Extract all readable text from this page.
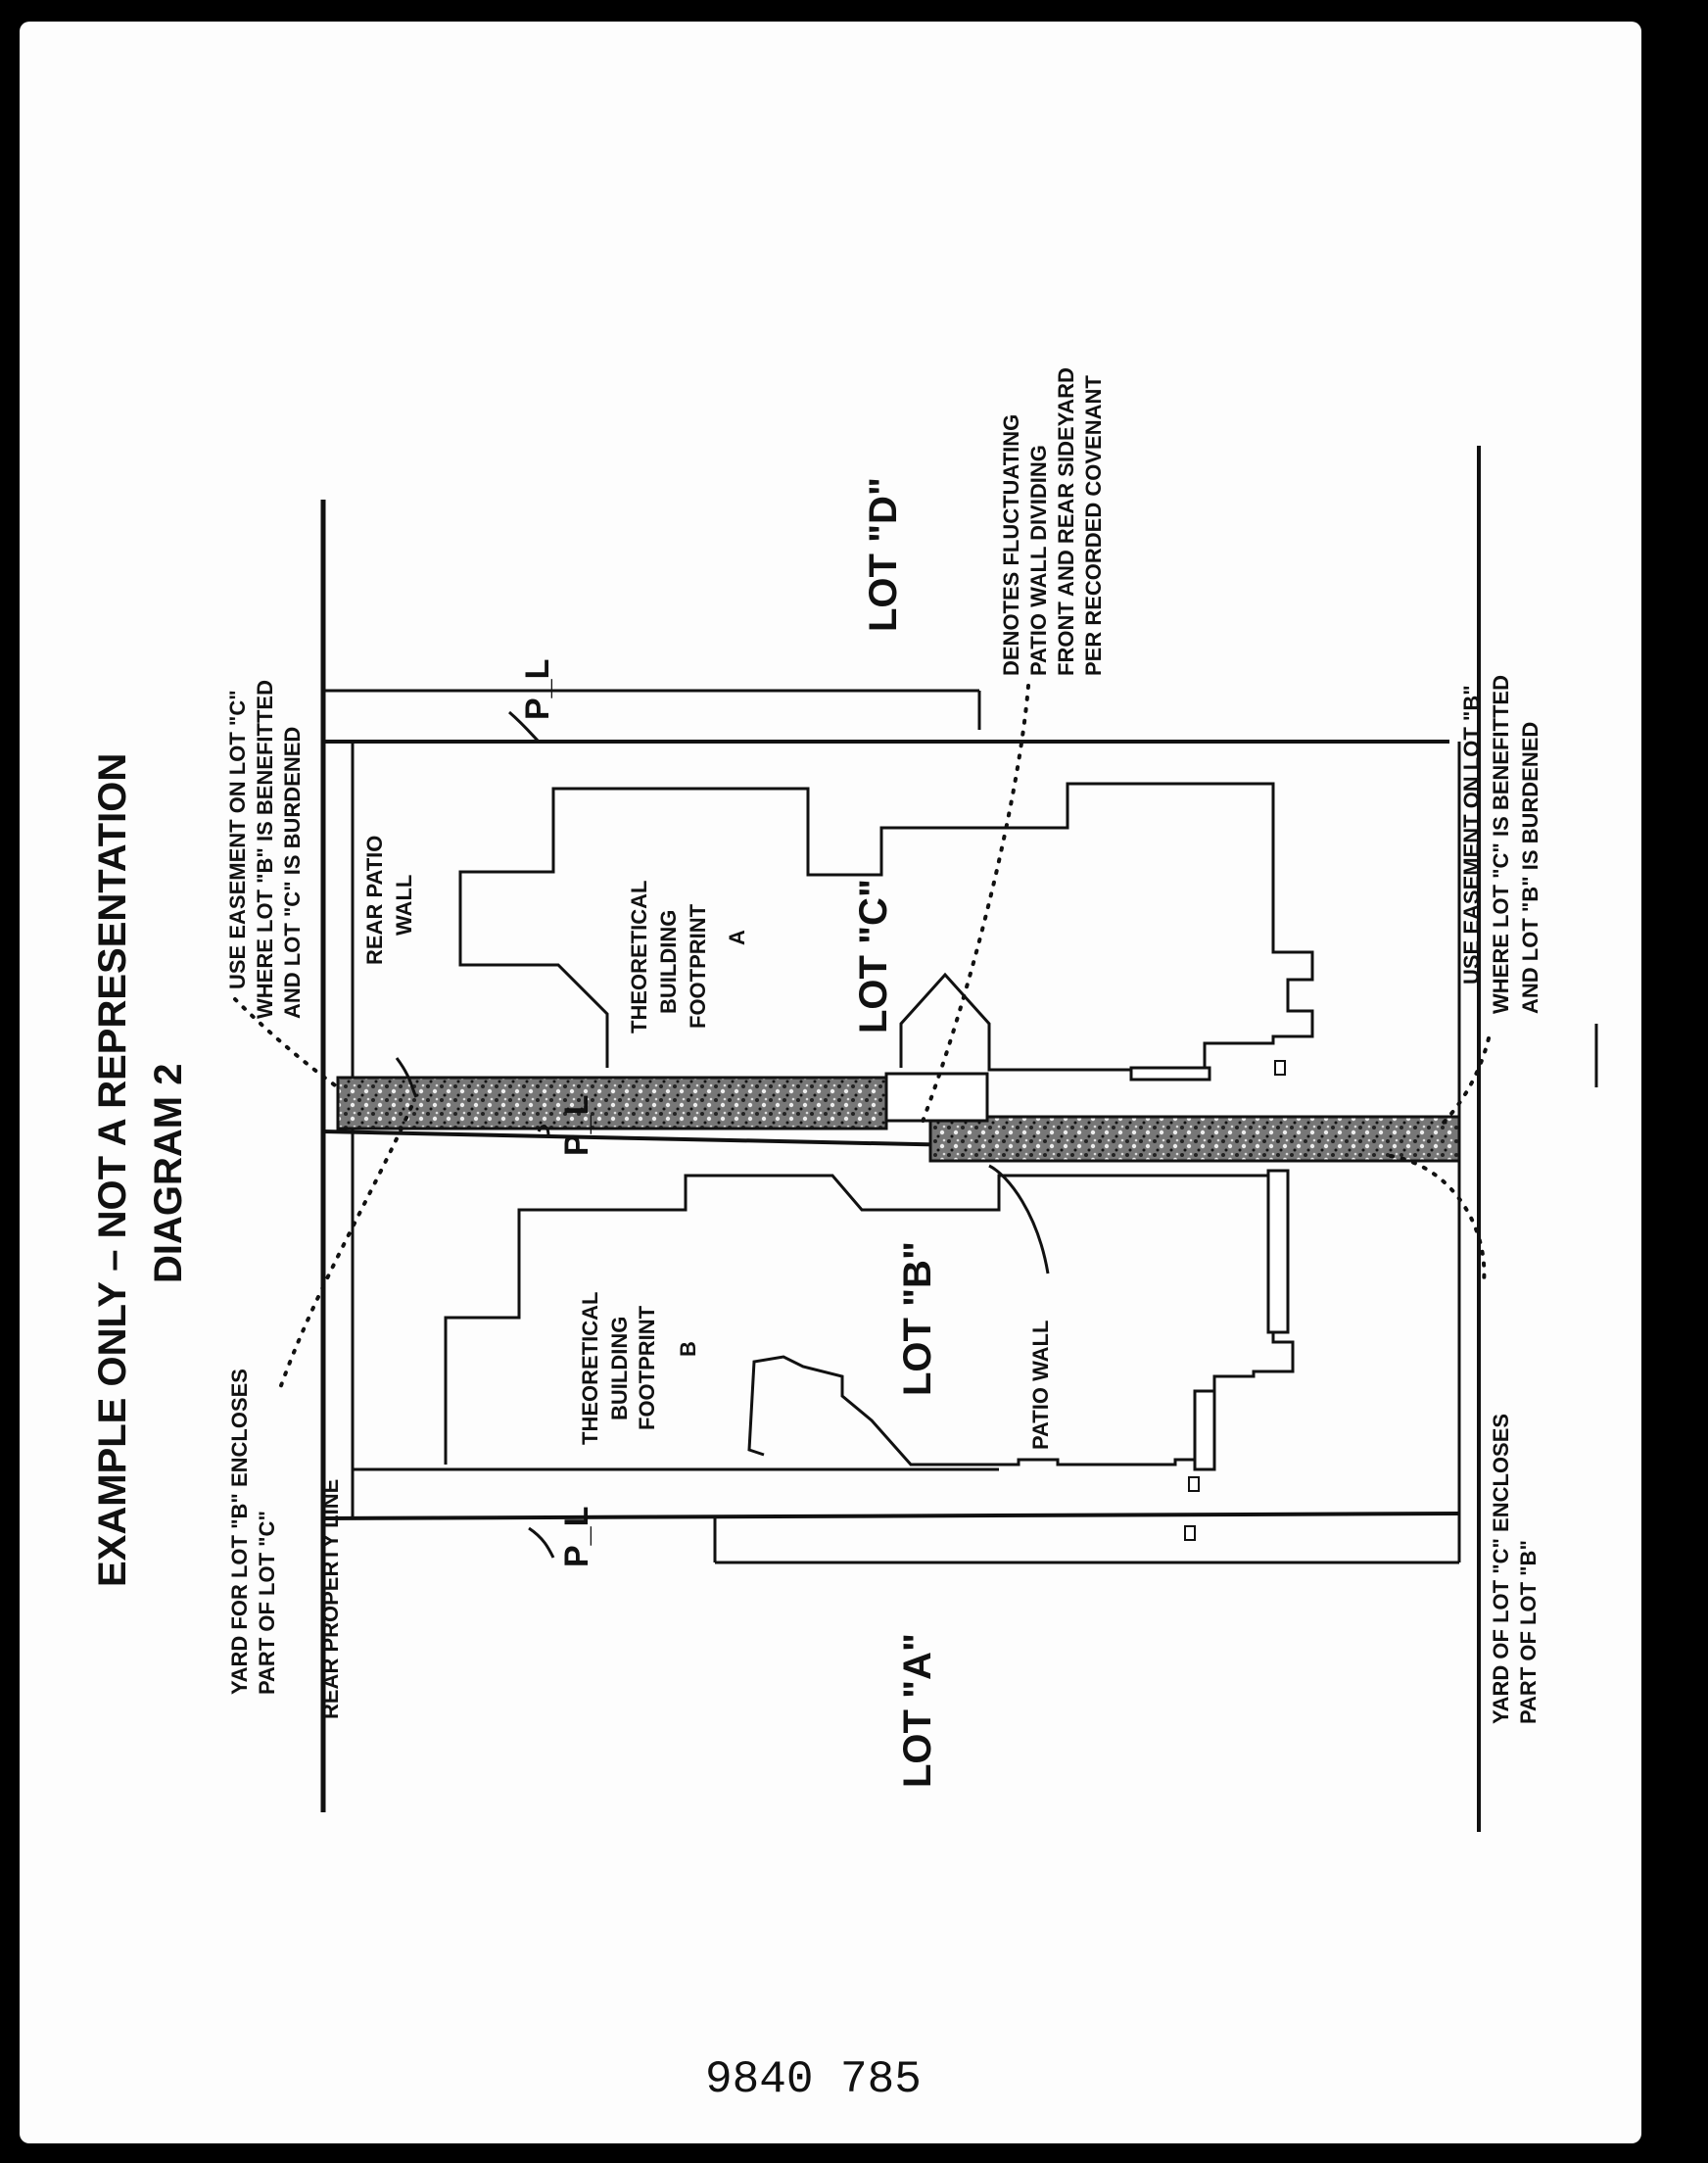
P_L
P_L
P_L
EXAMPLE ONLY – NOT A REPRESENTATION DIAGRAM 2
LOT "A"
LOT "B"
LOT "C"
LOT "D"
THEORETICAL BUILDING FOOTPRINT A
THEORETICAL BUILDING FOOTPRINT B
REAR PROPERTY LINE
YARD FOR LOT "B" ENCLOSES PART OF LOT "C"
USE EASEMENT ON LOT "C" WHERE LOT "B" IS BENEFITTED AND LOT "C" IS BURDENED	REAR PATIO WALL
PATIO WALL
DENOTES FLUCTUATING PATIO WALL DIVIDING FRONT AND REAR SIDEYARD PER RECORDED COVENANT
USE EASEMENT ON LOT "B" WHERE LOT "C" IS BENEFITTED AND LOT "B" IS BURDENED
YARD OF LOT "C" ENCLOSES PART OF LOT "B"
9840 785
